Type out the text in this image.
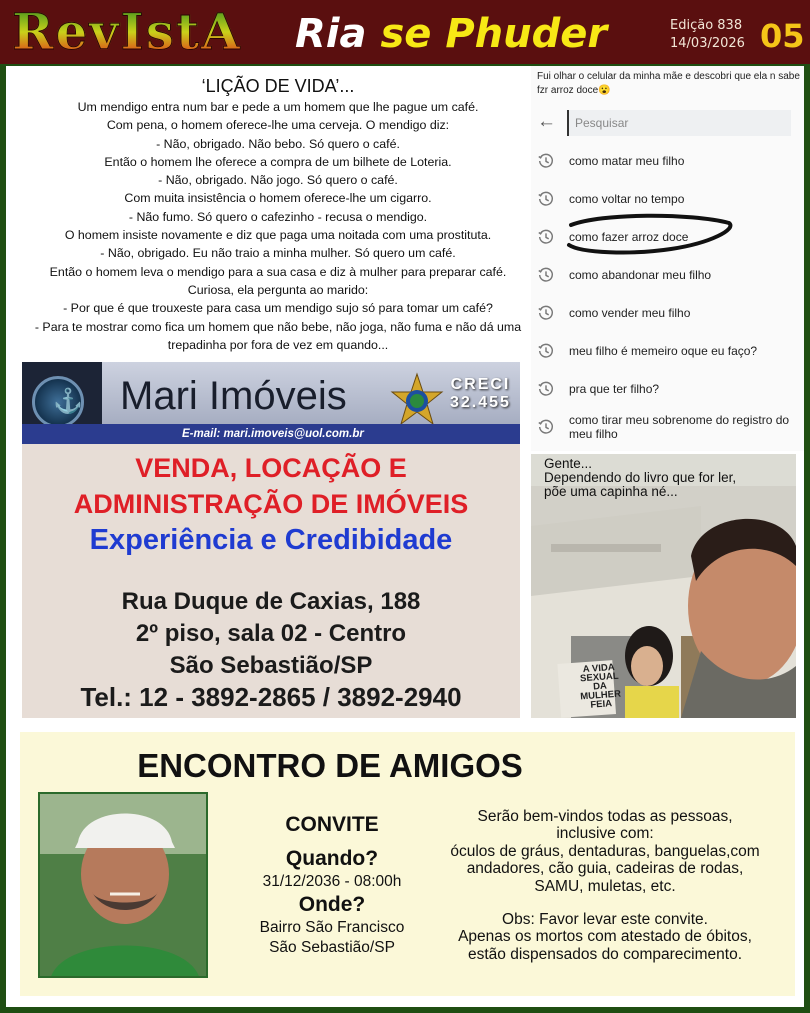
RevIstA Ria se Phuder	Edição 838
14/03/2026 05
‘LIÇÃO DE VIDA’...

Um mendigo entra num bar e pede a um homem que lhe pague um café.

Com pena, o homem oferece-lhe uma cerveja. O mendigo diz:

- Não, obrigado. Não bebo. Só quero o café.

Então o homem lhe oferece a compra de um bilhete de Loteria.

- Não, obrigado. Não jogo. Só quero o café.

Com muita insistência o homem oferece-lhe um cigarro.

- Não fumo. Só quero o cafezinho - recusa o mendigo.

O homem insiste novamente e diz que paga uma noitada com uma prostituta.

- Não, obrigado. Eu não traio a minha mulher. Só quero um café.

Então o homem leva o mendigo para a sua casa e diz à mulher para preparar café.

Curiosa, ela pergunta ao marido:

- Por que é que trouxeste para casa um mendigo sujo só para tomar um café?

- Para te mostrar como fica um homem que não bebe, não joga, não fuma e não dá uma trepadinha por fora de vez em quando...

Fui olhar o celular da minha mãe e descobri que ela n sabe fzr arroz doce😮
←	Pesquisar
como matar meu filho
como voltar no tempo
como fazer arroz doce
como abandonar meu filho
como vender meu filho
meu filho é memeiro oque eu faço?
pra que ter filho?
como tirar meu sobrenome do registro do meu filho
Gente...
Dependendo do livro que for ler,
põe uma capinha né...
A VIDA SEXUAL DA MULHER FEIA
⚓ Mari Imóveis	CRECI
32.455
E-mail: mari.imoveis@uol.com.br
VENDA, LOCAÇÃO E
ADMINISTRAÇÃO DE IMÓVEIS
Experiência e Credibidade
Rua Duque de Caxias, 188
2º piso, sala 02 - Centro
São Sebastião/SP
Tel.: 12 - 3892-2865 / 3892-2940
ENCONTRO DE AMIGOS
CONVITE
Quando?
31/12/2036 - 08:00h
Onde?
Bairro São Francisco
São Sebastião/SP
Serão bem-vindos todas as pessoas,
inclusive com:
óculos de gráus, dentaduras, banguelas,com
andadores, cão guia, cadeiras de rodas,
SAMU, muletas, etc.
Obs: Favor levar este convite.
Apenas os mortos com atestado de óbitos,
estão dispensados do comparecimento.
